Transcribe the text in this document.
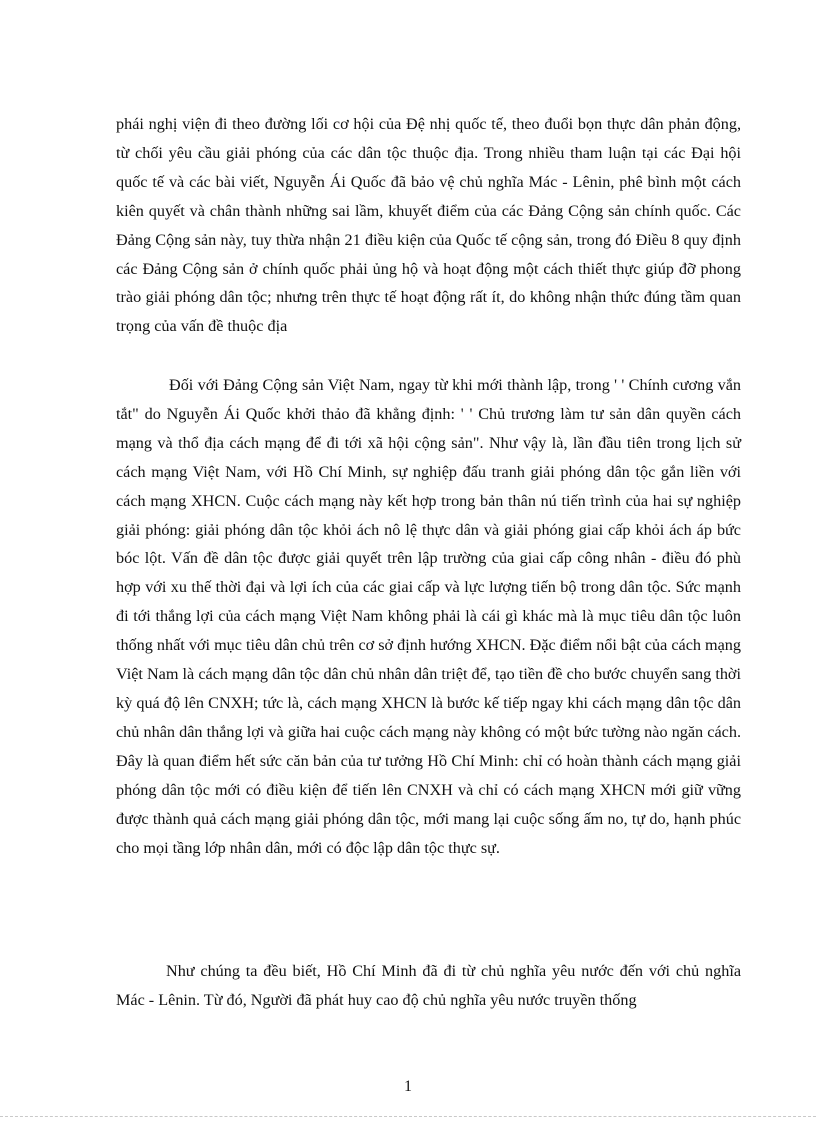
phái nghị viện đi theo đường lối cơ hội của Đệ nhị quốc tế, theo đuổi bọn thực dân phản động, từ chối yêu cầu giải phóng của các dân tộc thuộc địa. Trong nhiều tham luận tại các Đại hội quốc tế và các bài viết, Nguyễn Ái Quốc đã bảo vệ chủ nghĩa Mác - Lênin, phê bình một cách kiên quyết và chân thành những sai lầm, khuyết điểm của các Đảng Cộng sản chính quốc. Các Đảng Cộng sản này, tuy thừa nhận 21 điều kiện của Quốc tế cộng sản, trong đó Điều 8 quy định các Đảng Cộng sản ở chính quốc phải ủng hộ và hoạt động một cách thiết thực giúp đỡ phong trào giải phóng dân tộc; nhưng trên thực tế hoạt động rất ít, do không nhận thức đúng tầm quan trọng của vấn đề thuộc địa

Đối với Đảng Cộng sản Việt Nam, ngay từ khi mới thành lập, trong ' ' Chính cương vắn tắt" do Nguyễn Ái Quốc khởi thảo đã khẳng định: ' ' Chủ trương làm tư sản dân quyền cách mạng và thổ địa cách mạng để đi tới xã hội cộng sản". Như vậy là, lần đầu tiên trong lịch sử cách mạng Việt Nam, với Hồ Chí Minh, sự nghiệp đấu tranh giải phóng dân tộc gắn liền với cách mạng XHCN. Cuộc cách mạng này kết hợp trong bản thân nú tiến trình của hai sự nghiệp giải phóng: giải phóng dân tộc khỏi ách nô lệ thực dân và giải phóng giai cấp khỏi ách áp bức bóc lột. Vấn đề dân tộc được giải quyết trên lập trường của giai cấp công nhân - điều đó phù hợp với xu thế thời đại và lợi ích của các giai cấp và lực lượng tiến bộ trong dân tộc. Sức mạnh đi tới thắng lợi của cách mạng Việt Nam không phải là cái gì khác mà là mục tiêu dân tộc luôn thống nhất với mục tiêu dân chủ trên cơ sở định hướng XHCN. Đặc điểm nổi bật của cách mạng Việt Nam là cách mạng dân tộc dân chủ nhân dân triệt để, tạo tiền đề cho bước chuyển sang thời kỳ quá độ lên CNXH; tức là, cách mạng XHCN là bước kế tiếp ngay khi cách mạng dân tộc dân chủ nhân dân thắng lợi và giữa hai cuộc cách mạng này không có một bức tường nào ngăn cách. Đây là quan điểm hết sức căn bản của tư tưởng Hồ Chí Minh: chỉ có hoàn thành cách mạng giải phóng dân tộc mới có điều kiện để tiến lên CNXH và chỉ có cách mạng XHCN mới giữ vững được thành quả cách mạng giải phóng dân tộc, mới mang lại cuộc sống ấm no, tự do, hạnh phúc cho mọi tầng lớp nhân dân, mới có độc lập dân tộc thực sự.

Như chúng ta đều biết, Hồ Chí Minh đã đi từ chủ nghĩa yêu nước đến với chủ nghĩa Mác - Lênin. Từ đó, Người đã phát huy cao độ chủ nghĩa yêu nước truyền thống

1
